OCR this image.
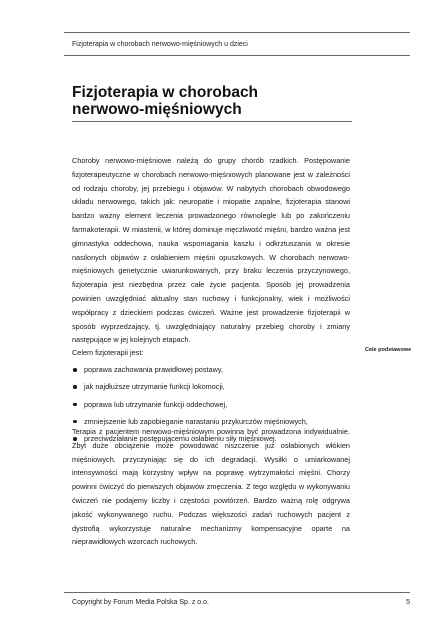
Fizjoterapia w chorobach nerwowo-mięśniowych u dzieci
Fizjoterapia w chorobach
nerwowo-mięśniowych

Choroby nerwowo-mięśniowe należą do grupy chorób rzadkich. Postępowanie fizjoterapeutyczne w chorobach nerwowo-mięśniowych planowane jest w zależności od rodzaju choroby, jej przebiegu i objawów. W nabytych chorobach obwodowego układu nerwowego, takich jak: neuropatie i miopatie zapalne, fizjoterapia stanowi bardzo ważny element leczenia prowadzonego równolegle lub po zakończeniu farmakoterapii. W miastenii, w której dominuje męczliwość mięśni, bardzo ważna jest gimnastyka oddechowa, nauka wspomagania kaszlu i odkrztuszania w okresie nasilonych objawów z osłabieniem mięśni opuszkowych. W chorobach nerwowo-mięśniowych genetycznie uwarunkowanych, przy braku leczenia przyczynowego, fizjoterapia jest niezbędna przez całe życie pacjenta. Sposób jej prowadzenia powinien uwzględniać aktualny stan ruchowy i funkcjonalny, wiek i możliwości współpracy z dzieckiem podczas ćwiczeń. Ważne jest prowadzenie fizjoterapii w sposób wyprzedzający, tj. uwzględniający naturalny przebieg choroby i zmiany następujące w jej kolejnych etapach.

Celem fizjoterapii jest:

poprawa zachowania prawidłowej postawy,
jak najdłuższe utrzymanie funkcji lokomocji,
poprawa lub utrzymanie funkcji oddechowej,
zmniejszenie lub zapobieganie narastaniu przykurczów mięśniowych,
przeciwdziałanie postępującemu osłabieniu siły mięśniowej.
Cele podstawowe

Terapia z pacjentem nerwowo-mięśniowym powinna być prowadzona indywidualnie. Zbyt duże obciążenie może powodować niszczenie już osłabionych włókien mięśniowych, przyczyniając się do ich degradacji. Wysiłki o umiarkowanej intensywności mają korzystny wpływ na poprawę wytrzymałości mięśni. Chorzy powinni ćwiczyć do pierwszych objawów zmęczenia. Z tego względu w wykonywaniu ćwiczeń nie podajemy liczby i częstości powtórzeń. Bardzo ważną rolę odgrywa jakość wykonywanego ruchu. Podczas większości zadań ruchowych pacjent z dystrofią wykorzystuje naturalne mechanizmy kompensacyjne oparte na nieprawidłowych wzorcach ruchowych.

Copyright by Forum Media Polska Sp. z o.o.	5
